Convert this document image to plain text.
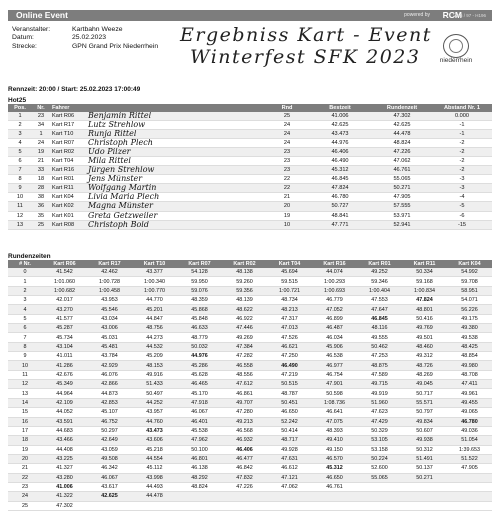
Online Event	powered by RCM
V3.6 / 97 - H196
Veranstalter:	Kartbahn Weeze
Datum:	25.02.2023
Strecke:	GPN Grand Prix Niederrhein
Ergebniss Kart - Event
Winterfest SFK 2023	niederrhein
Rennzeit: 20:00 / Start: 25.02.2023 17:00:49
Hot25
Pos.	Nr.	Fahrer		Rnd	Bestzeit	Rundenzeit	Abstand Nr. 1
1	23	Kart R06	Benjamin Rittel	25	41.006	47.302	0.000
2	34	Kart R17	Lutz Strehlow	24	42.625	42.625	-1
3	1	Kart T10	Runja Rittel	24	43.473	44.478	-1
4	24	Kart R07	Christoph Plech	24	44.976	48.824	-2
5	19	Kart R02	Udo Pilzer	23	46.406	47.226	-2
6	21	Kart T04	Mila Rittel	23	46.490	47.062	-2
7	33	Kart R16	Jürgen Strehlow	23	45.312	46.761	-2
8	18	Kart R01	Jens Münster	22	46.845	55.065	-3
9	28	Kart R11	Wolfgang Martin	22	47.824	50.271	-3
10	38	Kart K04	Livia Maria Plech	21	46.780	47.905	-4
11	36	Kart K02	Magna Münster	20	50.727	57.555	-5
12	35	Kart K01	Greta Getzweiler	19	48.841	53.971	-6
13	25	Kart R08	Christoph Bold	10	47.771	52.941	-15
Rundenzeiten
# Nr.	Kart R06	Kart R17	Kart T10	Kart R07	Kart R02	Kart T04	Kart R16	Kart R01	Kart R11	Kart K04
0	41.542	42.462	43.377	54.128	48.138	45.694	44.074	49.252	50.334	54.992
1	1:01.060	1:00.728	1:00.340	59.950	59.260	59.515	1:00.293	59.346	59.168	59.708
2	1:00.682	1:00.458	1:00.770	59.076	59.356	1:00.721	1:00.693	1:00.404	1:00.834	58.951
3	42.017	43.953	44.770	48.359	48.139	48.734	46.779	47.553	47.824	54.071
4	43.270	45.546	45.201	45.868	48.622	48.213	47.052	47.647	48.801	56.226
5	41.577	43.034	44.847	45.848	46.922	47.317	46.899	46.845	50.416	49.175
6	45.287	43.006	48.756	46.633	47.446	47.013	46.487	48.116	49.769	49.380
7	45.734	45.031	44.273	48.779	49.269	47.526	46.034	49.555	49.501	49.538
8	43.104	45.481	44.532	50.032	47.384	46.621	45.906	50.462	48.460	48.425
9	41.011	43.784	45.209	44.976	47.282	47.250	46.538	47.253	49.312	48.854
10	41.286	42.929	48.153	45.286	46.558	46.490	46.977	48.875	48.726	49.980
11	42.676	46.076	49.916	45.628	48.556	47.219	46.754	47.589	48.269	48.708
12	45.349	42.866	51.433	46.465	47.612	50.515	47.901	49.715	49.045	47.411
13	44.964	44.873	50.497	45.170	46.861	48.787	50.598	49.919	50.717	49.961
14	42.109	42.853	44.252	47.918	49.707	50.451	1:08.736	51.960	55.571	49.455
15	44.052	45.107	43.957	46.067	47.280	46.650	46.641	47.623	50.797	49.065
16	43.591	46.752	44.760	46.401	49.213	52.242	47.075	47.429	49.834	46.780
17	44.683	50.297	43.473	45.538	46.568	50.414	48.393	50.329	50.607	49.036
18	43.466	42.649	43.606	47.962	46.932	48.717	49.410	53.105	49.938	51.054
19	44.408	43.059	45.218	50.100	46.406	49.928	49.150	53.158	50.312	1:39.653
20	43.225	49.508	44.554	46.801	46.477	47.631	46.570	50.224	51.491	51.522
21	41.327	46.342	45.112	46.138	46.842	46.612	45.312	52.600	50.137	47.905
22	43.280	46.067	43.998	48.292	47.832	47.121	46.650	55.065	50.271	
23	41.006	43.617	44.493	48.824	47.226	47.062	46.761			
24	41.322	42.625	44.478							
25	47.302									
